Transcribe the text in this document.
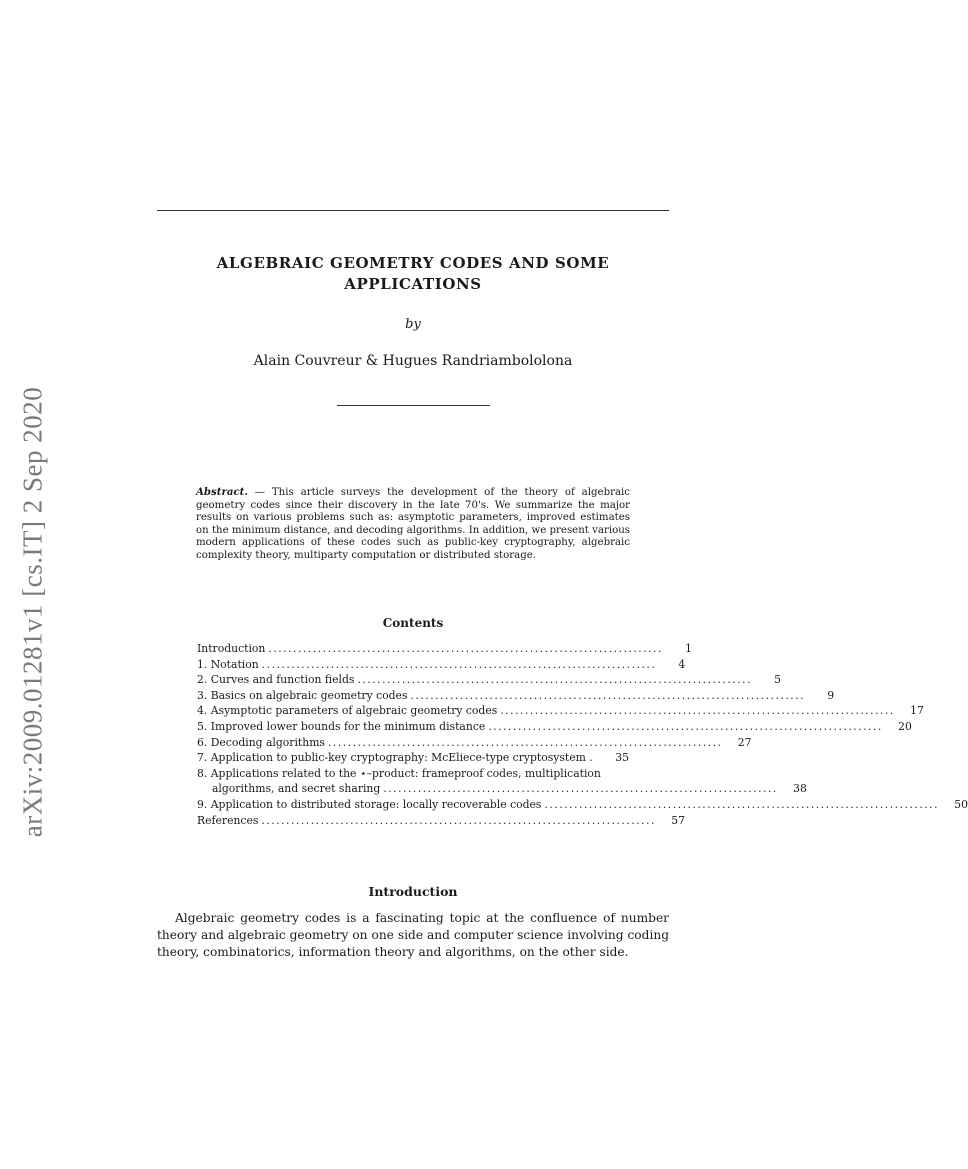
arXiv:2009.01281v1 [cs.IT] 2 Sep 2020
ALGEBRAIC GEOMETRY CODES AND SOME APPLICATIONS
by
Alain Couvreur & Hugues Randriambololona
Abstract. — This article surveys the development of the theory of algebraic geometry codes since their discovery in the late 70's. We summarize the major results on various problems such as: asymptotic parameters, improved estimates on the minimum distance, and decoding algorithms. In addition, we present various modern applications of these codes such as public-key cryptography, algebraic complexity theory, multiparty computation or distributed storage.
Contents
Introduction ................................................................................	1
1. Notation ................................................................................	4
2. Curves and function fields ................................................................................	5
3. Basics on algebraic geometry codes ................................................................................	9
4. Asymptotic parameters of algebraic geometry codes ................................................................................	17
5. Improved lower bounds for the minimum distance ................................................................................	20
6. Decoding algorithms ................................................................................	27
7. Application to public-key cryptography: McEliece-type cryptosystem .	35
8. Applications related to the ⋆–product: frameproof codes, multiplication
algorithms, and secret sharing ................................................................................	38
9. Application to distributed storage: locally recoverable codes ................................................................................	50
References ................................................................................	57
Introduction
Algebraic geometry codes is a fascinating topic at the confluence of number theory and algebraic geometry on one side and computer science involving coding theory, combinatorics, information theory and algorithms, on the other side.
